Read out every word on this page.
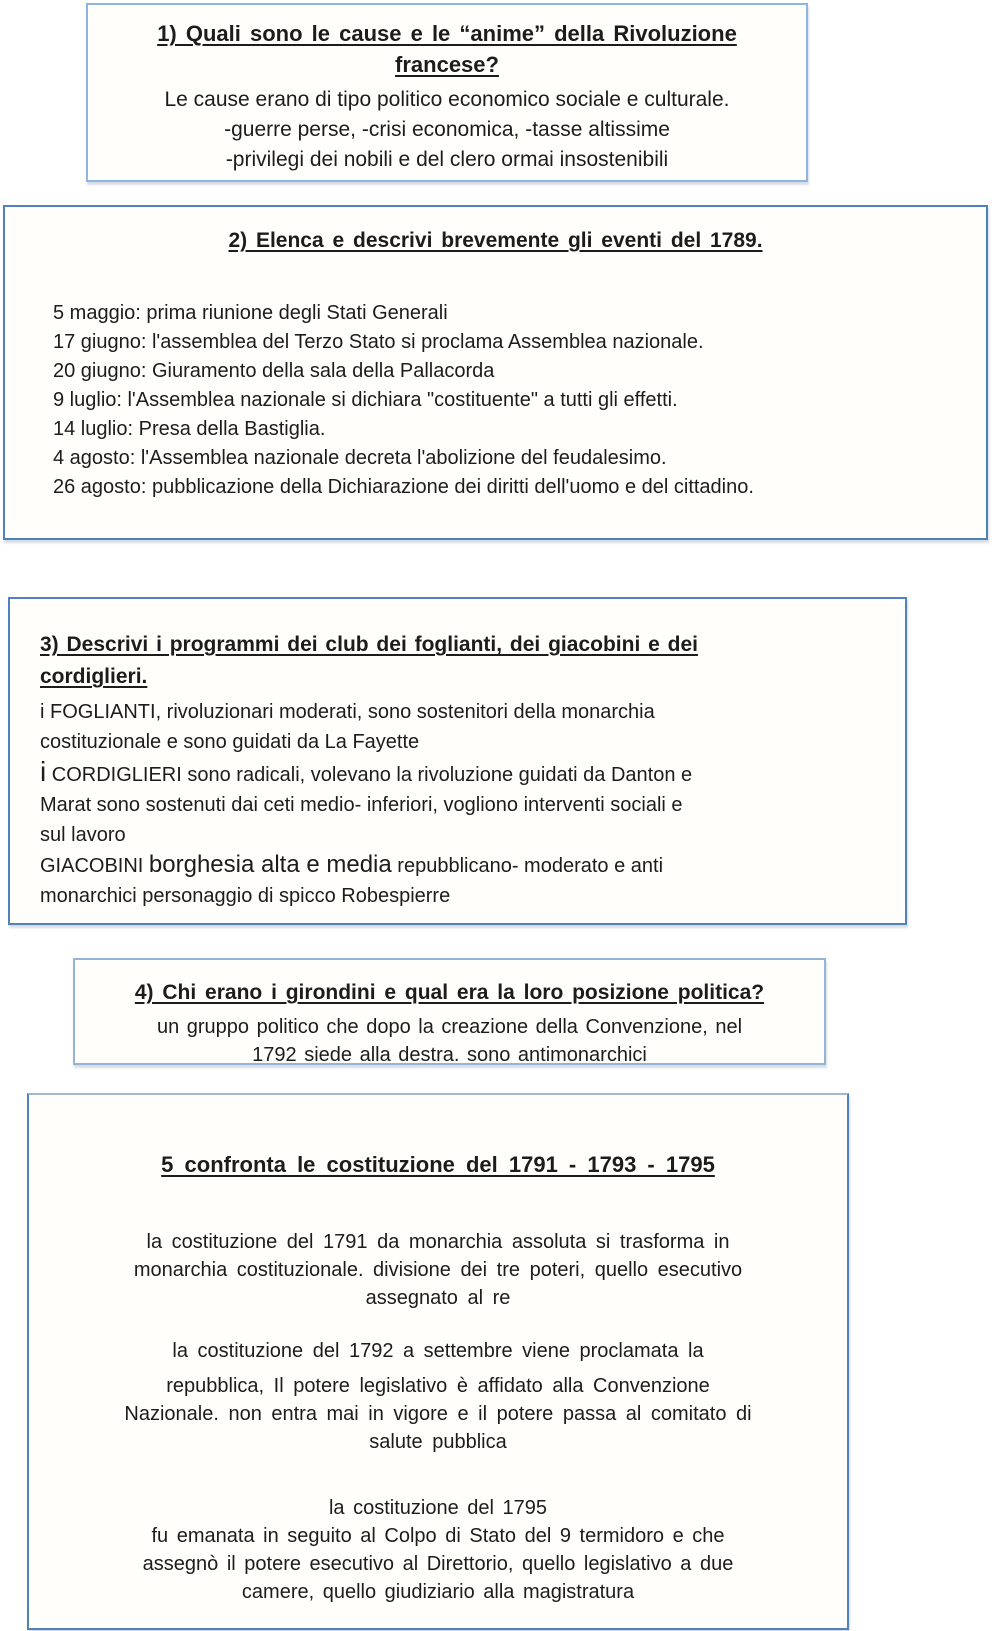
1) Quali sono le cause e le “anime” della Rivoluzione
francese?
Le cause erano di tipo politico economico sociale e culturale.
-guerre perse, -crisi economica, -tasse altissime
-privilegi dei nobili e del clero ormai insostenibili
2) Elenca e descrivi brevemente gli eventi del 1789.
5 maggio: prima riunione degli Stati Generali
17 giugno: l'assemblea del Terzo Stato si proclama Assemblea nazionale.
20 giugno: Giuramento della sala della Pallacorda
9 luglio: l'Assemblea nazionale si dichiara "costituente" a tutti gli effetti.
14 luglio: Presa della Bastiglia.
4 agosto: l'Assemblea nazionale decreta l'abolizione del feudalesimo.
26 agosto: pubblicazione della Dichiarazione dei diritti dell'uomo e del cittadino.
3) Descrivi i programmi dei club dei foglianti, dei giacobini e dei
cordiglieri.
i FOGLIANTI, rivoluzionari moderati, sono sostenitori della monarchia
costituzionale e sono guidati da La Fayette
i CORDIGLIERI sono radicali, volevano la rivoluzione guidati da Danton e
Marat sono sostenuti dai ceti medio- inferiori, vogliono interventi sociali e
sul lavoro
GIACOBINI borghesia alta e media repubblicano- moderato e anti
monarchici personaggio di spicco Robespierre
4) Chi erano i girondini e qual era la loro posizione politica?
un gruppo politico che dopo la creazione della Convenzione, nel
1792 siede alla destra. sono antimonarchici
5 confronta le costituzione del 1791 - 1793 - 1795
la costituzione del 1791 da monarchia assoluta si trasforma in
monarchia costituzionale. divisione dei tre poteri, quello esecutivo
assegnato al re
la costituzione del 1792 a settembre viene proclamata la
repubblica, Il potere legislativo è affidato alla Convenzione
Nazionale. non entra mai in vigore e il potere passa al comitato di
salute pubblica
la costituzione del 1795
fu emanata in seguito al Colpo di Stato del 9 termidoro e che
assegnò il potere esecutivo al Direttorio, quello legislativo a due
camere, quello giudiziario alla magistratura
